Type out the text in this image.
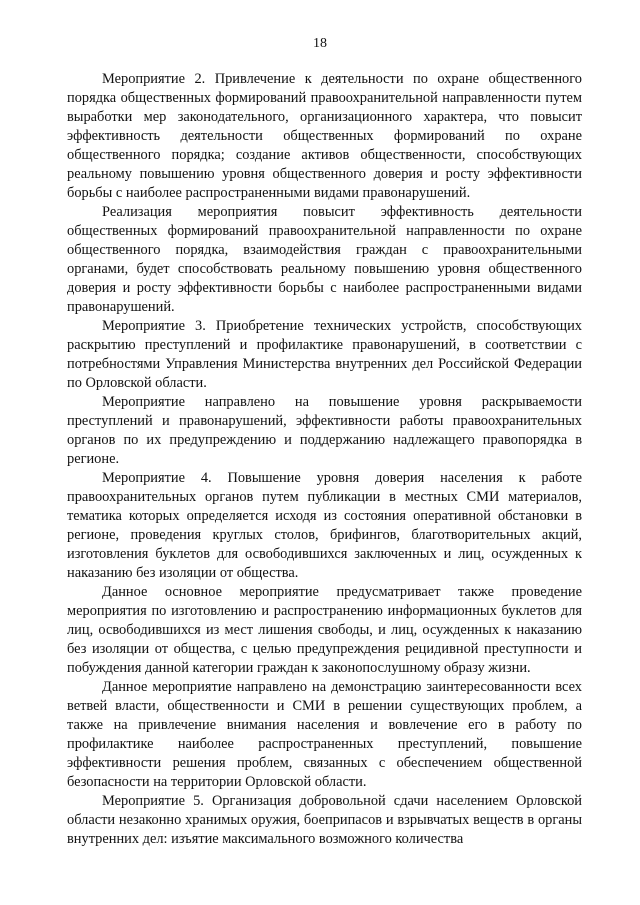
18

Мероприятие 2. Привлечение к деятельности по охране общественного порядка общественных формирований правоохранительной направленности путем выработки мер законодательного, организационного характера, что повысит эффективность деятельности общественных формирований по охране общественного порядка; создание активов общественности, способствующих реальному повышению уровня общественного доверия и росту эффективности борьбы с наиболее распространенными видами правонарушений.

Реализация мероприятия повысит эффективность деятельности общественных формирований правоохранительной направленности по охране общественного порядка, взаимодействия граждан с правоохранительными органами, будет способствовать реальному повышению уровня общественного доверия и росту эффективности борьбы с наиболее распространенными видами правонарушений.

Мероприятие 3. Приобретение технических устройств, способствующих раскрытию преступлений и профилактике правонарушений, в соответствии с потребностями Управления Министерства внутренних дел Российской Федерации по Орловской области.

Мероприятие направлено на повышение уровня раскрываемости преступлений и правонарушений, эффективности работы правоохранительных органов по их предупреждению и поддержанию надлежащего правопорядка в регионе.

Мероприятие 4. Повышение уровня доверия населения к работе правоохранительных органов путем публикации в местных СМИ материалов, тематика которых определяется исходя из состояния оперативной обстановки в регионе, проведения круглых столов, брифингов, благотворительных акций, изготовления буклетов для освободившихся заключенных и лиц, осужденных к наказанию без изоляции от общества.

Данное основное мероприятие предусматривает также проведение мероприятия по изготовлению и распространению информационных буклетов для лиц, освободившихся из мест лишения свободы, и лиц, осужденных к наказанию без изоляции от общества, с целью предупреждения рецидивной преступности и побуждения данной категории граждан к законопослушному образу жизни.

Данное мероприятие направлено на демонстрацию заинтересованности всех ветвей власти, общественности и СМИ в решении существующих проблем, а также на привлечение внимания населения и вовлечение его в работу по профилактике наиболее распространенных преступлений, повышение эффективности решения проблем, связанных с обеспечением общественной безопасности на территории Орловской области.

Мероприятие 5. Организация добровольной сдачи населением Орловской области незаконно хранимых оружия, боеприпасов и взрывчатых веществ в органы внутренних дел: изъятие максимального возможного количества
